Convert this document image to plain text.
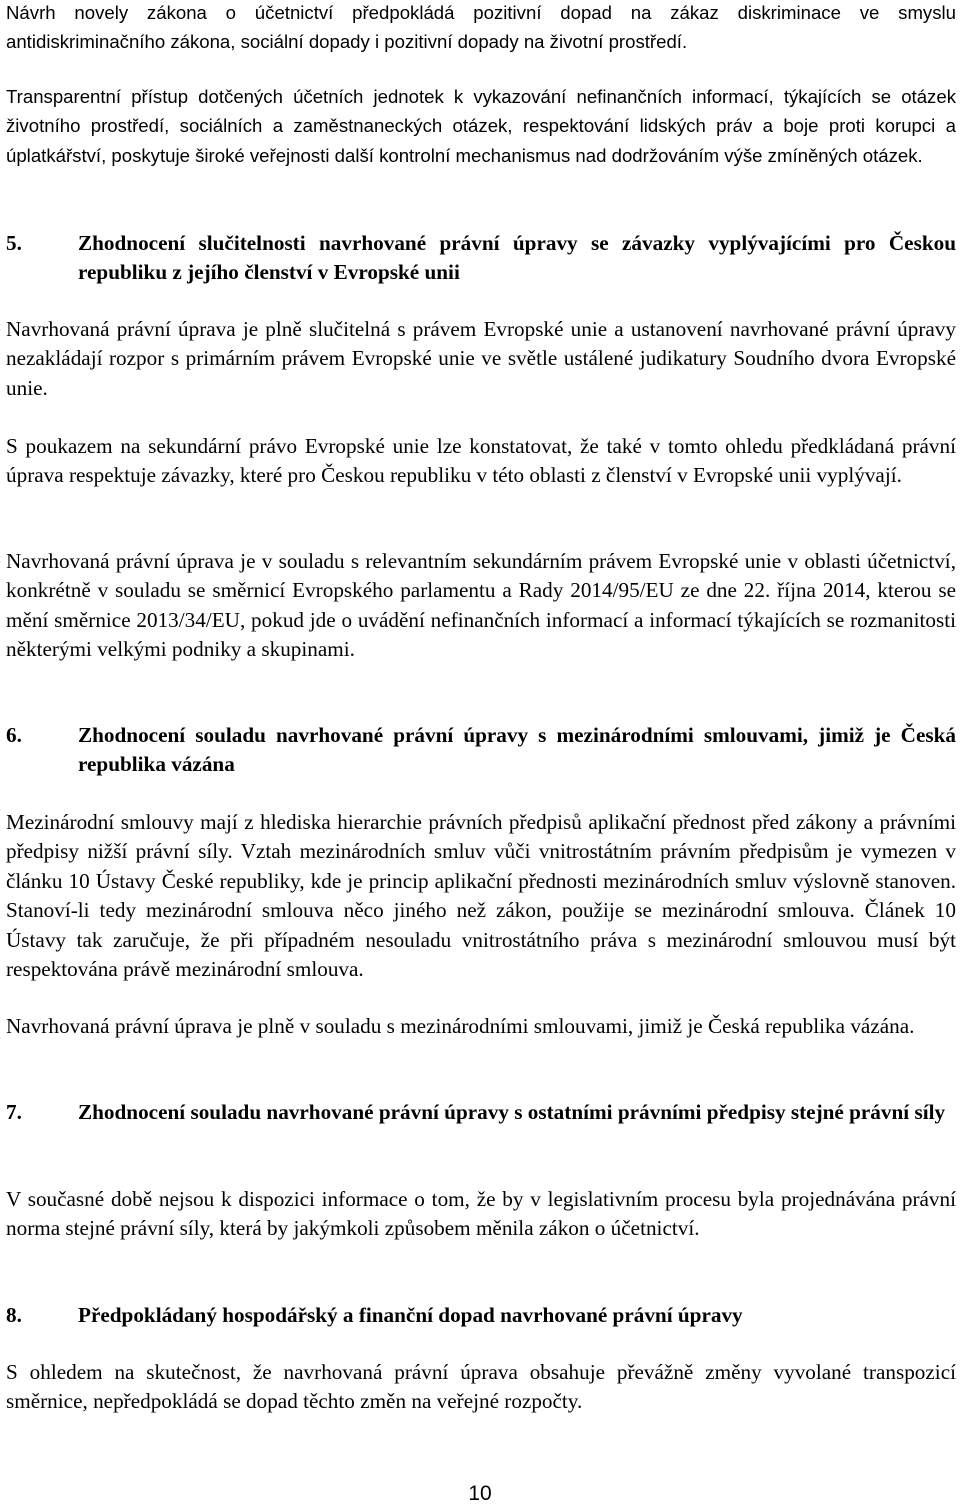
Návrh novely zákona o účetnictví předpokládá pozitivní dopad na zákaz diskriminace ve smyslu antidiskriminačního zákona, sociální dopady i pozitivní dopady na životní prostředí.

Transparentní přístup dotčených účetních jednotek k vykazování nefinančních informací, týkajících se otázek životního prostředí, sociálních a zaměstnaneckých otázek, respektování lidských práv a boje proti korupci a úplatkářství, poskytuje široké veřejnosti další kontrolní mechanismus nad dodržováním výše zmíněných otázek.

5.	Zhodnocení slučitelnosti navrhované právní úpravy se závazky vyplývajícími pro Českou republiku z jejího členství v Evropské unii

Navrhovaná právní úprava je plně slučitelná s právem Evropské unie a ustanovení navrhované právní úpravy nezakládají rozpor s primárním právem Evropské unie ve světle ustálené judikatury Soudního dvora Evropské unie.

S poukazem na sekundární právo Evropské unie lze konstatovat, že také v tomto ohledu předkládaná právní úprava respektuje závazky, které pro Českou republiku v této oblasti z členství v Evropské unii vyplývají.

Navrhovaná právní úprava je v souladu s relevantním sekundárním právem Evropské unie v oblasti účetnictví, konkrétně v souladu se směrnicí Evropského parlamentu a Rady 2014/95/EU ze dne 22. října 2014, kterou se mění směrnice 2013/34/EU, pokud jde o uvádění nefinančních informací a informací týkajících se rozmanitosti některými velkými podniky a skupinami.

6.	Zhodnocení souladu navrhované právní úpravy s mezinárodními smlouvami, jimiž je Česká republika vázána

Mezinárodní smlouvy mají z hlediska hierarchie právních předpisů aplikační přednost před zákony a právními předpisy nižší právní síly. Vztah mezinárodních smluv vůči vnitrostátním právním předpisům je vymezen v článku 10 Ústavy České republiky, kde je princip aplikační přednosti mezinárodních smluv výslovně stanoven. Stanoví-li tedy mezinárodní smlouva něco jiného než zákon, použije se mezinárodní smlouva. Článek 10 Ústavy tak zaručuje, že při případném nesouladu vnitrostátního práva s mezinárodní smlouvou musí být respektována právě mezinárodní smlouva.

Navrhovaná právní úprava je plně v souladu s mezinárodními smlouvami, jimiž je Česká republika vázána.

7.	Zhodnocení souladu navrhované právní úpravy s ostatními právními předpisy stejné právní síly

V současné době nejsou k dispozici informace o tom, že by v legislativním procesu byla projednávána právní norma stejné právní síly, která by jakýmkoli způsobem měnila zákon o účetnictví.

8.	Předpokládaný hospodářský a finanční dopad navrhované právní úpravy

S ohledem na skutečnost, že navrhovaná právní úprava obsahuje převážně změny vyvolané transpozicí směrnice, nepředpokládá se dopad těchto změn na veřejné rozpočty.

10
